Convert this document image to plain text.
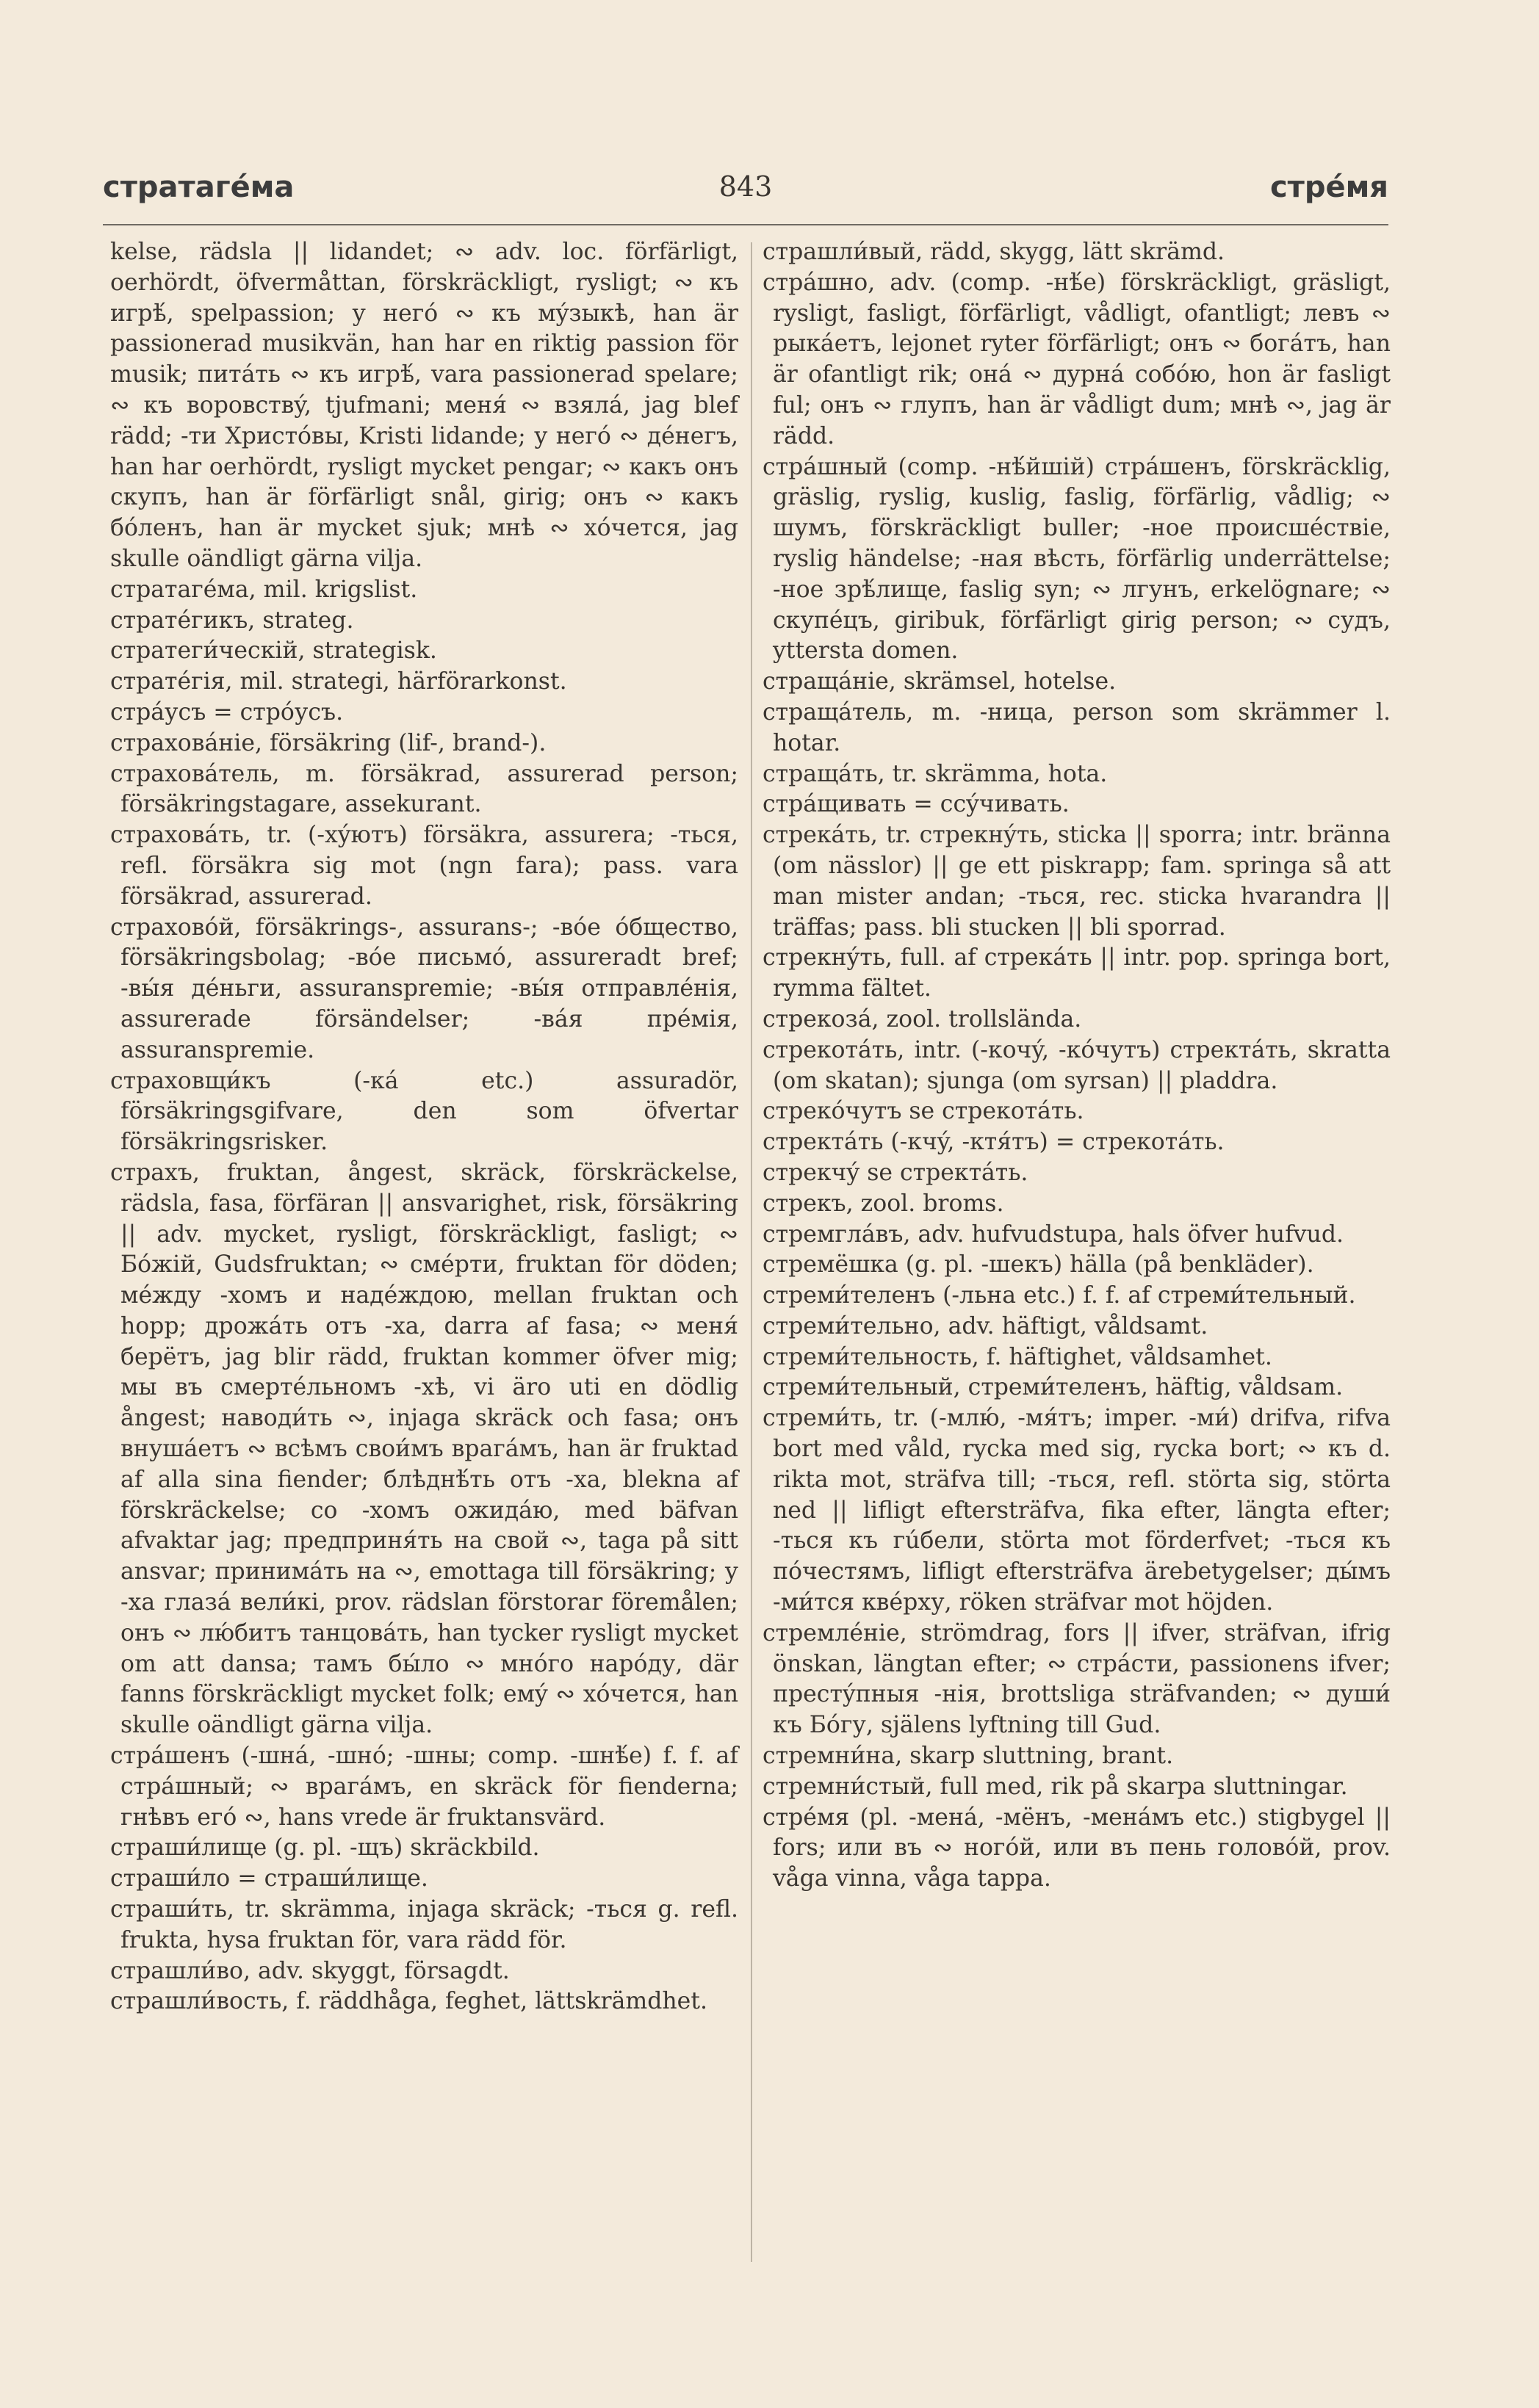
стратагéма	843	стрéмя

kelse, rädsla || lidandet; ∾ adv. loc. förfärligt, oerhördt, öfvermåttan, förskräckligt, rysligt; ∾ къ игрѣ́, spelpassion; у негó ∾ къ мýзыкѣ, han är passionerad musikvän, han har en riktig passion för musik; питáть ∾ къ игрѣ́, vara passionerad spelare; ∾ къ воровствý, tjufmani; меня́ ∾ взялá, jag blef rädd; -ти Христóвы, Kristi lidande; у негó ∾ дéнегъ, han har oerhördt, rysligt mycket pengar; ∾ какъ онъ скупъ, han är förfärligt snål, girig; онъ ∾ какъ бóленъ, han är mycket sjuk; мнѣ ∾ хóчется, jag skulle oändligt gärna vilja.

стратагéма, mil. krigslist.

стратéгикъ, strateg.

стратеги́ческій, strategisk.

стратéгія, mil. strategi, härförarkonst.

стрáусъ = стрóусъ.

страховáніе, försäkring (lif-, brand-).

страховáтель, m. försäkrad, assurerad person; försäkringstagare, assekurant.

страховáть, tr. (-хýютъ) försäkra, assurera; -ться, refl. försäkra sig mot (ngn fara); pass. vara försäkrad, assurerad.

страховóй, försäkrings-, assurans-; -вóе óбщество, försäkringsbolag; -вóе письмó, assureradt bref; -вы́я дéньги, assuranspremie; -вы́я отправлéнія, assurerade försändelser; -вáя прéмія, assuranspremie.

страховщи́къ (-кá etc.) assuradör, försäkringsgifvare, den som öfvertar försäkringsrisker.

страхъ, fruktan, ångest, skräck, förskräckelse, rädsla, fasa, förfäran || ansvarighet, risk, försäkring || adv. mycket, rysligt, förskräckligt, fasligt; ∾ Бóжій, Gudsfruktan; ∾ смéрти, fruktan för döden; мéжду -хомъ и надéждою, mellan fruktan och hopp; дрожáть отъ -ха, darra af fasa; ∾ меня́ берётъ, jag blir rädd, fruktan kommer öfver mig; мы въ смертéльномъ -хѣ, vi äro uti en dödlig ångest; наводи́ть ∾, injaga skräck och fasa; онъ внушáетъ ∾ всѣмъ свои́мъ врагáмъ, han är fruktad af alla sina fiender; блѣднѣ́ть отъ -ха, blekna af förskräckelse; со -хомъ ожидáю, med bäfvan afvaktar jag; предприня́ть на свой ∾, taga på sitt ansvar; принимáть на ∾, emottaga till försäkring; у -ха глазá вели́кі, prov. rädslan förstorar föremålen; онъ ∾ лю́битъ танцовáть, han tycker rysligt mycket om att dansa; тамъ бы́ло ∾ мнóго нарóду, där fanns förskräckligt mycket folk; емý ∾ хóчется, han skulle oändligt gärna vilja.

стрáшенъ (-шнá, -шнó; -шны; comp. -шнѣ́е) f. f. af стрáшный; ∾ врагáмъ, en skräck för fienderna; гнѣвъ егó ∾, hans vrede är fruktansvärd.

страши́лище (g. pl. -щъ) skräckbild.

страши́ло = страши́лище.

страши́ть, tr. skrämma, injaga skräck; -ться g. refl. frukta, hysa fruktan för, vara rädd för.

страшли́во, adv. skyggt, försagdt.

страшли́вость, f. räddhåga, feghet, lättskrämdhet.

страшли́вый, rädd, skygg, lätt skrämd.

стрáшно, adv. (comp. -нѣ́е) förskräckligt, gräsligt, rysligt, fasligt, förfärligt, vådligt, ofantligt; левъ ∾ рыкáетъ, lejonet ryter förfärligt; онъ ∾ богáтъ, han är ofantligt rik; онá ∾ дурнá собóю, hon är fasligt ful; онъ ∾ глупъ, han är vådligt dum; мнѣ ∾, jag är rädd.

стрáшный (comp. -нѣ́йшій) стрáшенъ, förskräcklig, gräslig, ryslig, kuslig, faslig, förfärlig, vådlig; ∾ шумъ, förskräckligt buller; -ное происшéствіе, ryslig händelse; -ная вѣсть, förfärlig underrättelse; -ное зрѣ́лище, faslig syn; ∾ лгунъ, erkelögnare; ∾ скупéцъ, giribuk, förfärligt girig person; ∾ судъ, yttersta domen.

стращáніе, skrämsel, hotelse.

стращáтель, m. -ница, person som skrämmer l. hotar.

стращáть, tr. skrämma, hota.

стрáщивать = ссýчивать.

стрекáть, tr. стрекнýть, sticka || sporra; intr. bränna (om nässlor) || ge ett piskrapp; fam. springa så att man mister andan; -ться, rec. sticka hvarandra || träffas; pass. bli stucken || bli sporrad.

стрекнýть, full. af стрекáть || intr. pop. springa bort, rymma fältet.

стрекозá, zool. trollslända.

стрекотáть, intr. (-кочý, -кóчутъ) стректáть, skratta (om skatan); sjunga (om syrsan) || pladdra.

стрекóчутъ se стрекотáть.

стректáть (-кчý, -ктя́тъ) = стрекотáть.

стрекчý se стректáть.

стрекъ, zool. broms.

стремглáвъ, adv. hufvudstupa, hals öfver hufvud.

стремёшка (g. pl. -шекъ) hälla (på benkläder).

стреми́теленъ (-льна etc.) f. f. af стреми́тельный.

стреми́тельно, adv. häftigt, våldsamt.

стреми́тельность, f. häftighet, våldsamhet.

стреми́тельный, стреми́теленъ, häftig, våldsam.

стреми́ть, tr. (-млю́, -мя́тъ; imper. -ми́) drifva, rifva bort med våld, rycka med sig, rycka bort; ∾ къ d. rikta mot, sträfva till; -ться, refl. störta sig, störta ned || lifligt eftersträfva, fika efter, längta efter; -ться къ гúбели, störta mot förderfvet; -ться къ пóчестямъ, lifligt eftersträfva ärebetygelser; ды́мъ -ми́тся кве́рху, röken sträfvar mot höjden.

стремлéніе, strömdrag, fors || ifver, sträfvan, ifrig önskan, längtan efter; ∾ стрáсти, passionens ifver; престýпныя -нія, brottsliga sträfvanden; ∾ души́ къ Бóгу, själens lyftning till Gud.

стремни́на, skarp sluttning, brant.

стремни́стый, full med, rik på skarpa sluttningar.

стрéмя (pl. -менá, -мёнъ, -менáмъ etc.) stigbygel || fors; или въ ∾ ногóй, или въ пень головóй, prov. våga vinna, våga tappa.
